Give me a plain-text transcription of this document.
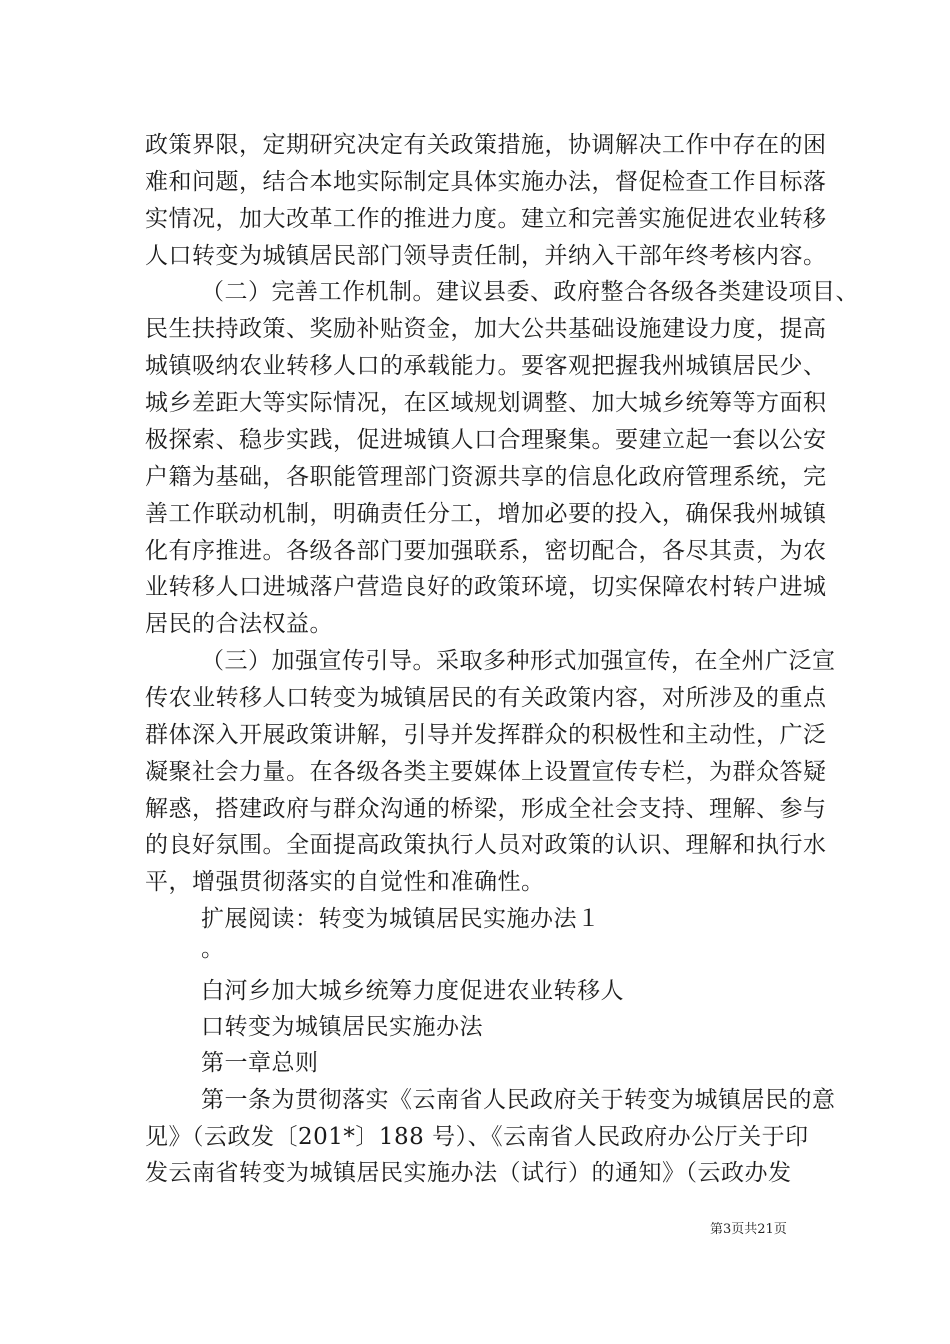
政策界限，定期研究决定有关政策措施，协调解决工作中存在的困
难和问题，结合本地实际制定具体实施办法，督促检查工作目标落
实情况，加大改革工作的推进力度。建立和完善实施促进农业转移
人口转变为城镇居民部门领导责任制，并纳入干部年终考核内容。
（二）完善工作机制。建议县委、政府整合各级各类建设项目、
民生扶持政策、奖励补贴资金，加大公共基础设施建设力度，提高
城镇吸纳农业转移人口的承载能力。要客观把握我州城镇居民少、
城乡差距大等实际情况，在区域规划调整、加大城乡统筹等方面积
极探索、稳步实践，促进城镇人口合理聚集。要建立起一套以公安
户籍为基础，各职能管理部门资源共享的信息化政府管理系统，完
善工作联动机制，明确责任分工，增加必要的投入，确保我州城镇
化有序推进。各级各部门要加强联系，密切配合，各尽其责，为农
业转移人口进城落户营造良好的政策环境，切实保障农村转户进城
居民的合法权益。
（三）加强宣传引导。采取多种形式加强宣传，在全州广泛宣
传农业转移人口转变为城镇居民的有关政策内容，对所涉及的重点
群体深入开展政策讲解，引导并发挥群众的积极性和主动性，广泛
凝聚社会力量。在各级各类主要媒体上设置宣传专栏，为群众答疑
解惑，搭建政府与群众沟通的桥梁，形成全社会支持、理解、参与
的良好氛围。全面提高政策执行人员对政策的认识、理解和执行水
平，增强贯彻落实的自觉性和准确性。
扩展阅读：转变为城镇居民实施办法１
。
白河乡加大城乡统筹力度促进农业转移人
口转变为城镇居民实施办法
第一章总则
第一条为贯彻落实《云南省人民政府关于转变为城镇居民的意
见》（云政发〔201*〕188 号）、《云南省人民政府办公厅关于印
发云南省转变为城镇居民实施办法（试行）的通知》（云政办发
第3页共21页
